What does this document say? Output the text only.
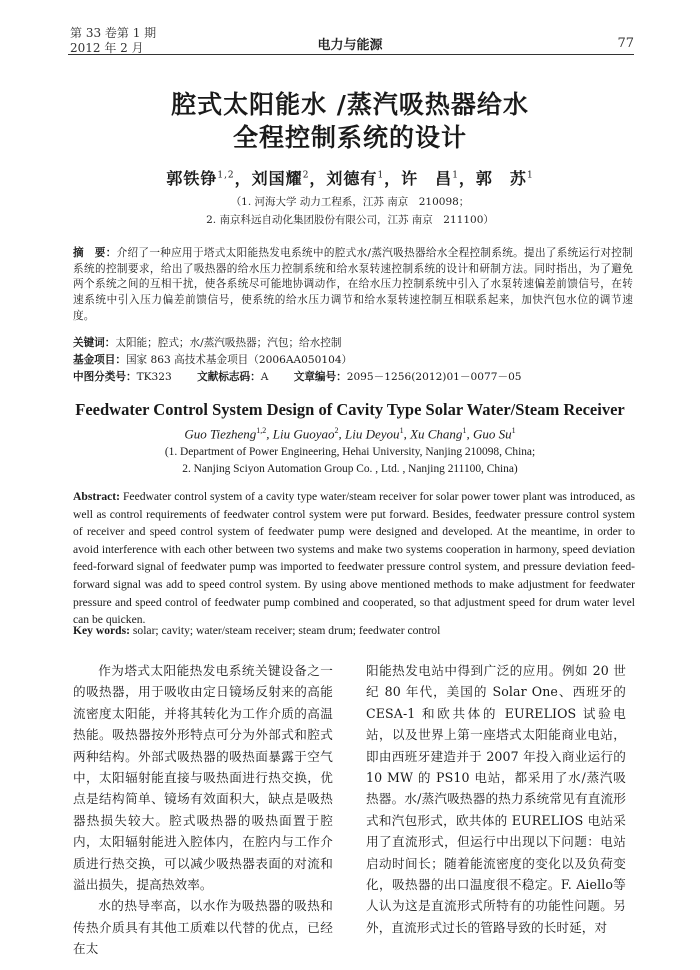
第 33 卷第 1 期
2012 年 2 月	电力与能源	77
腔式太阳能水 /蒸汽吸热器给水
全程控制系统的设计
郭铁铮$^{1,2}$，刘国耀$^2$，刘德有$^1$，许　昌$^1$，郭　苏$^1$
（1. 河海大学 动力工程系，江苏 南京　210098；
2. 南京科远自动化集团股份有限公司，江苏 南京　211100）
摘　要：介绍了一种应用于塔式太阳能热发电系统中的腔式水/蒸汽吸热器给水全程控制系统。提出了系统运行对控制系统的控制要求，给出了吸热器的给水压力控制系统和给水泵转速控制系统的设计和研制方法。同时指出，为了避免两个系统之间的互相干扰，使各系统尽可能地协调动作，在给水压力控制系统中引入了水泵转速偏差前馈信号，在转速系统中引入压力偏差前馈信号，使系统的给水压力调节和给水泵转速控制互相联系起来，加快汽包水位的调节速度。
关键词：太阳能；腔式；水/蒸汽吸热器；汽包；给水控制
基金项目：国家 863 高技术基金项目（2006AA050104）
中图分类号：TK323 文献标志码：A 文章编号：2095－1256(2012)01－0077－05
Feedwater Control System Design of Cavity Type Solar Water/Steam Receiver
Guo Tiezheng$^{1,2}$, Liu Guoyao$^2$, Liu Deyou$^1$, Xu Chang$^1$, Guo Su$^1$
(1. Department of Power Engineering, Hehai University, Nanjing 210098, China;
2. Nanjing Sciyon Automation Group Co. , Ltd. , Nanjing 211100, China)
Abstract: Feedwater control system of a cavity type water/steam receiver for solar power tower plant was introduced, as well as control requirements of feedwater control system were put forward. Besides, feedwater pressure control system of receiver and speed control system of feedwater pump were designed and developed. At the meantime, in order to avoid interference with each other between two systems and make two systems cooperation in harmony, speed deviation feed-forward signal of feedwater pump was imported to feedwater pressure control system, and pressure deviation feed-forward signal was add to speed control system. By using above mentioned methods to make adjustment for feedwater pressure and speed control of feedwater pump combined and cooperated, so that adjustment speed for drum water level can be quicken.
Key words: solar; cavity; water/steam receiver; steam drum; feedwater control

作为塔式太阳能热发电系统关键设备之一的吸热器，用于吸收由定日镜场反射来的高能流密度太阳能，并将其转化为工作介质的高温热能。吸热器按外形特点可分为外部式和腔式两种结构。外部式吸热器的吸热面暴露于空气中，太阳辐射能直接与吸热面进行热交换，优点是结构简单、镜场有效面积大，缺点是吸热器热损失较大。腔式吸热器的吸热面置于腔内，太阳辐射能进入腔体内，在腔内与工作介质进行热交换，可以减少吸热器表面的对流和溢出损失，提高热效率。

水的热导率高，以水作为吸热器的吸热和传热介质具有其他工质难以代替的优点，已经在太

阳能热发电站中得到广泛的应用。例如 20 世纪 80 年代，美国的 Solar One、西班牙的 CESA-1 和欧共体的 EURELIOS 试验电站，以及世界上第一座塔式太阳能商业电站，即由西班牙建造并于 2007 年投入商业运行的 10 MW 的 PS10 电站，都采用了水/蒸汽吸热器。水/蒸汽吸热器的热力系统常见有直流形式和汽包形式，欧共体的 EURELIOS 电站采用了直流形式，但运行中出现以下问题：电站启动时间长；随着能流密度的变化以及负荷变化，吸热器的出口温度很不稳定。F. Aiello等人认为这是直流形式所特有的功能性问题。另外，直流形式过长的管路导致的长时延，对
